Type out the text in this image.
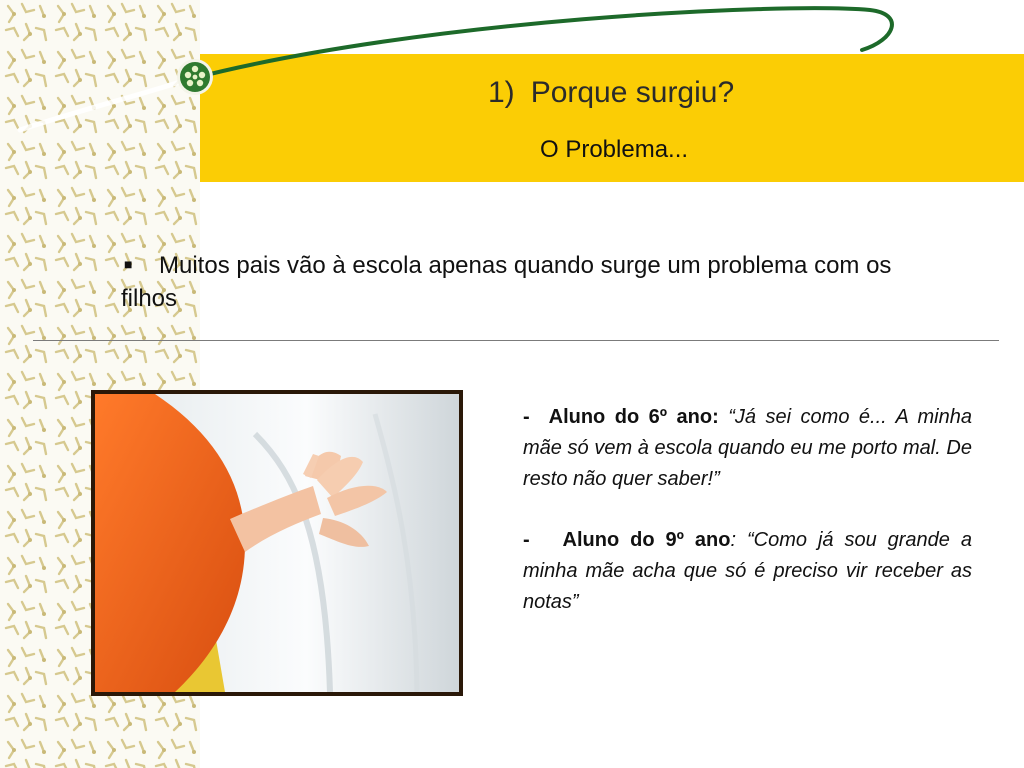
1) Porque surgiu?
O Problema...
■ Muitos pais vão à escola apenas quando surge um problema com os filhos

- Aluno do 6º ano: “Já sei como é... A minha mãe só vem à escola quando eu me porto mal. De resto não quer saber!”

- Aluno do 9º ano: “Como já sou grande a minha mãe acha que só é preciso vir receber as notas”
